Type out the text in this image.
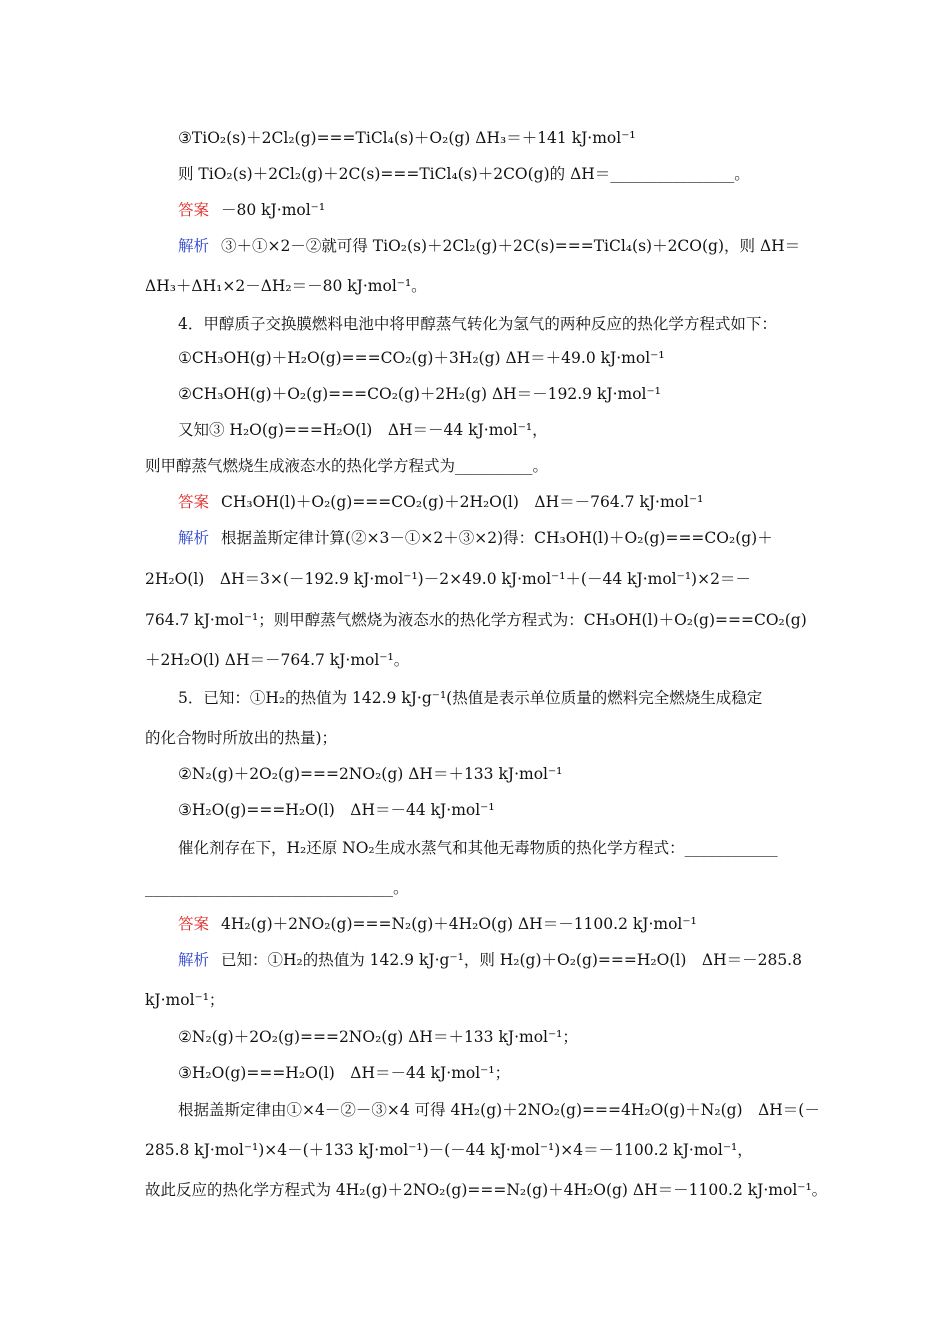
③TiO₂(s)＋2Cl₂(g)===TiCl₄(s)＋O₂(g) ΔH₃＝＋141 kJ·mol⁻¹
则 TiO₂(s)＋2Cl₂(g)＋2C(s)===TiCl₄(s)＋2CO(g)的 ΔH＝________________。
答案 －80 kJ·mol⁻¹
解析 ③＋①×2－②就可得 TiO₂(s)＋2Cl₂(g)＋2C(s)===TiCl₄(s)＋2CO(g)，则 ΔH＝
ΔH₃＋ΔH₁×2－ΔH₂＝－80 kJ·mol⁻¹。
4．甲醇质子交换膜燃料电池中将甲醇蒸气转化为氢气的两种反应的热化学方程式如下：
①CH₃OH(g)＋H₂O(g)===CO₂(g)＋3H₂(g) ΔH＝＋49.0 kJ·mol⁻¹
②CH₃OH(g)＋O₂(g)===CO₂(g)＋2H₂(g) ΔH＝－192.9 kJ·mol⁻¹
又知③ H₂O(g)===H₂O(l)　ΔH＝－44 kJ·mol⁻¹，
则甲醇蒸气燃烧生成液态水的热化学方程式为__________。
答案 CH₃OH(l)＋O₂(g)===CO₂(g)＋2H₂O(l)　ΔH＝－764.7 kJ·mol⁻¹
解析 根据盖斯定律计算(②×3－①×2＋③×2)得：CH₃OH(l)＋O₂(g)===CO₂(g)＋
2H₂O(l)　ΔH＝3×(－192.9 kJ·mol⁻¹)－2×49.0 kJ·mol⁻¹＋(－44 kJ·mol⁻¹)×2＝－
764.7 kJ·mol⁻¹；则甲醇蒸气燃烧为液态水的热化学方程式为：CH₃OH(l)＋O₂(g)===CO₂(g)
＋2H₂O(l) ΔH＝－764.7 kJ·mol⁻¹。
5．已知：①H₂的热值为 142.9 kJ·g⁻¹(热值是表示单位质量的燃料完全燃烧生成稳定
的化合物时所放出的热量)；
②N₂(g)＋2O₂(g)===2NO₂(g) ΔH＝＋133 kJ·mol⁻¹
③H₂O(g)===H₂O(l)　ΔH＝－44 kJ·mol⁻¹
催化剂存在下，H₂还原 NO₂生成水蒸气和其他无毒物质的热化学方程式：____________
________________________________。
答案 4H₂(g)＋2NO₂(g)===N₂(g)＋4H₂O(g) ΔH＝－1100.2 kJ·mol⁻¹
解析 已知：①H₂的热值为 142.9 kJ·g⁻¹，则 H₂(g)＋O₂(g)===H₂O(l)　ΔH＝－285.8
kJ·mol⁻¹；
②N₂(g)＋2O₂(g)===2NO₂(g) ΔH＝＋133 kJ·mol⁻¹；
③H₂O(g)===H₂O(l)　ΔH＝－44 kJ·mol⁻¹；
根据盖斯定律由①×4－②－③×4 可得 4H₂(g)＋2NO₂(g)===4H₂O(g)＋N₂(g)　ΔH＝(－
285.8 kJ·mol⁻¹)×4－(＋133 kJ·mol⁻¹)－(－44 kJ·mol⁻¹)×4＝－1100.2 kJ·mol⁻¹，
故此反应的热化学方程式为 4H₂(g)＋2NO₂(g)===N₂(g)＋4H₂O(g) ΔH＝－1100.2 kJ·mol⁻¹。
